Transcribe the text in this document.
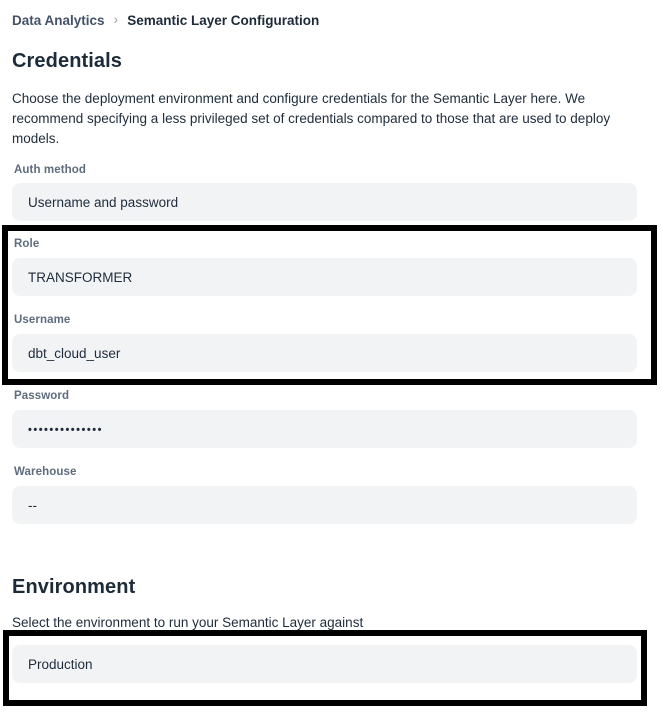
Data Analytics › Semantic Layer Configuration
Credentials

Choose the deployment environment and configure credentials for the Semantic Layer here. We recommend specifying a less privileged set of credentials compared to those that are used to deploy models.

Auth method
Username and password
Role
TRANSFORMER
Username
dbt_cloud_user
Password
••••••••••••••
Warehouse
--
Environment

Select the environment to run your Semantic Layer against

Production
